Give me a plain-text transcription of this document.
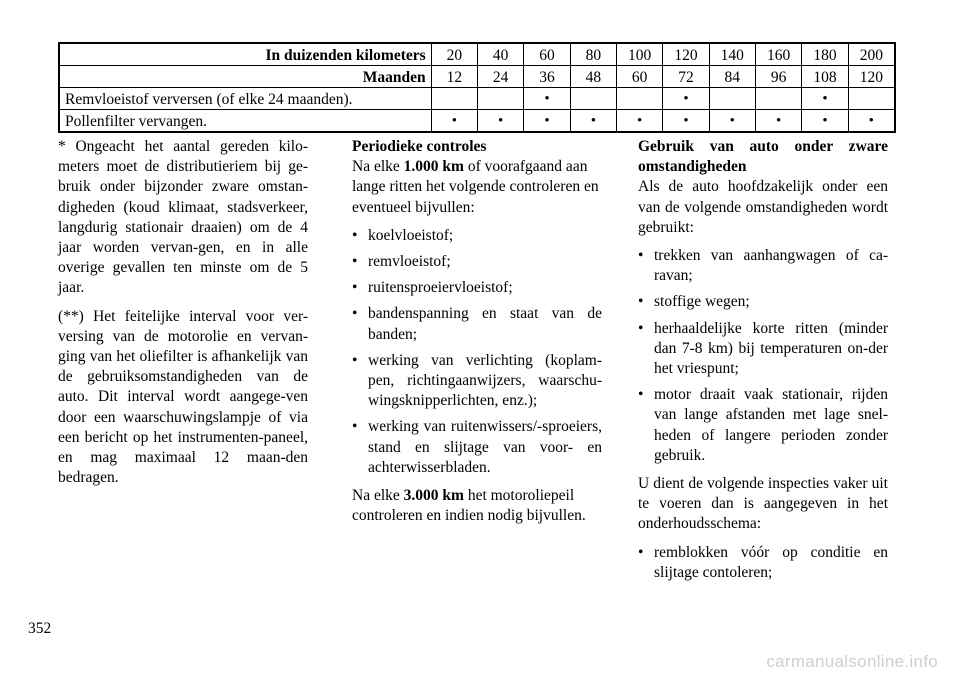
In duizenden kilometers	20	40	60	80	100	120	140	160	180	200
Maanden	12	24	36	48	60	72	84	96	108	120
Remvloeistof verversen (of elke 24 maanden).			•			•			•	
Pollenfilter vervangen.	•	•	•	•	•	•	•	•	•	•

* Ongeacht het aantal gereden kilo-meters moet de distributieriem bij ge-bruik onder bijzonder zware omstan-digheden (koud klimaat, stadsverkeer, langdurig stationair draaien) om de 4 jaar worden vervan-gen, en in alle overige gevallen ten minste om de 5 jaar.

(**) Het feitelijke interval voor ver-versing van de motorolie en vervan-ging van het oliefilter is afhankelijk van de gebruiksomstandigheden van de auto. Dit interval wordt aangege-ven door een waarschuwingslampje of via een bericht op het instrumenten-paneel, en mag maximaal 12 maan-den bedragen.

Periodieke controles

Na elke 1.000 km of voorafgaand aan lange ritten het volgende controleren en eventueel bijvullen:

• koelvloeistof;
• remvloeistof;
• ruitensproeiervloeistof;
• bandenspanning en staat van de banden;
• werking van verlichting (koplam-pen, richtingaanwijzers, waarschu-wingsknipperlichten, enz.);
• werking van ruitenwissers/-sproeiers, stand en slijtage van voor- en achterwisserbladen.

Na elke 3.000 km het motoroliepeil controleren en indien nodig bijvullen.

Gebruik van auto onder zware omstandigheden

Als de auto hoofdzakelijk onder een van de volgende omstandigheden wordt gebruikt:

• trekken van aanhangwagen of ca-ravan;
• stoffige wegen;
• herhaaldelijke korte ritten (minder dan 7-8 km) bij temperaturen on-der het vriespunt;
• motor draait vaak stationair, rijden van lange afstanden met lage snel-heden of langere perioden zonder gebruik.

U dient de volgende inspecties vaker uit te voeren dan is aangegeven in het onderhoudsschema:

• remblokken vóór op conditie en slijtage contoleren;
352
carmanualsonline.info
